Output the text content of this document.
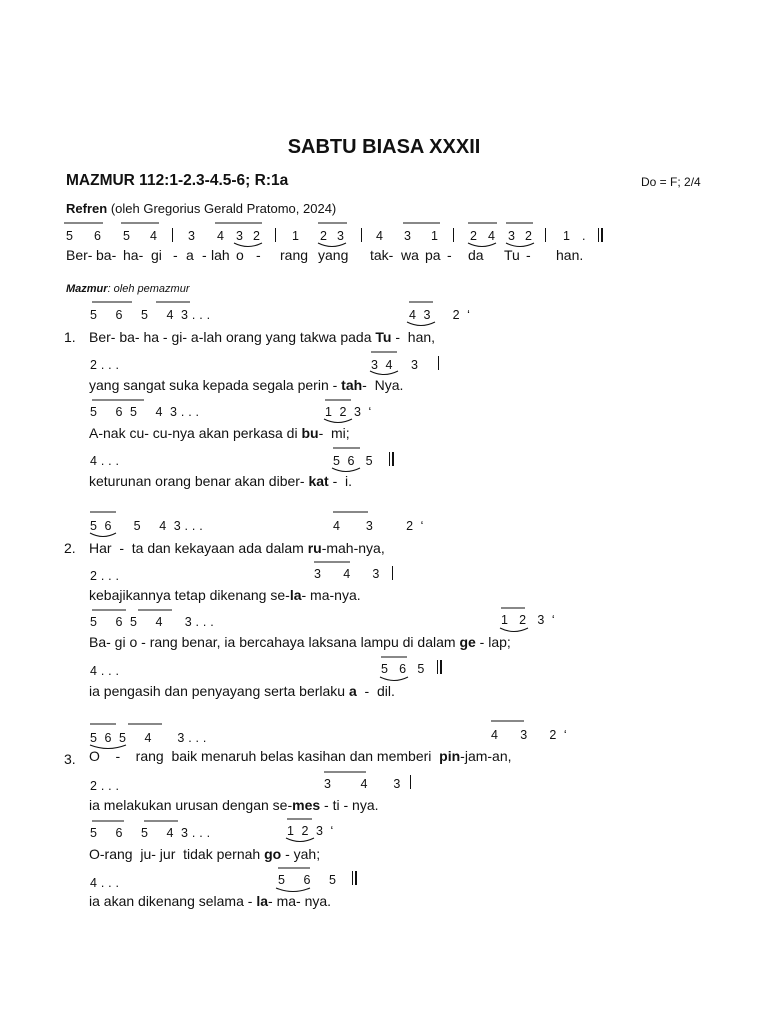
SABTU BIASA XXXII
MAZMUR 112:1-2.3-4.5-6; R:1a	Do = F; 2/4
Refren (oleh Gregorius Gerald Pratomo, 2024)
5 6 5 4 3 4 3 2	1 2 3	4 3 1	2 4 3 2 1 .
Ber- ba- ha- gi - a - lah o - rang yang tak- wa pa - da Tu - han.
Mazmur: oleh pemazmur
5     6     5     4  3 . . .	4  3      2  ‘
1. Ber- ba- ha - gi- a-lah orang yang takwa pada Tu -  han,
2 . . .	3  4     3
yang sangat suka kepada segala perin - tah-  Nya.
5     6  5     4  3 . . .	1  2  3  ‘
A-nak cu- cu-nya akan perkasa di bu-  mi;
4 . . .	5  6   5
keturunan orang benar akan diber- kat -  i.
5  6      5     4  3 . . .	4       3         2  ‘
2. Har  -  ta dan kekayaan ada dalam ru-mah-nya,
2 . . .	3      4      3
kebajikannya tetap dikenang se-la- ma-nya.
5     6  5     4      3 . . .	1   2   3  ‘
Ba- gi o - rang benar, ia bercahaya laksana lampu di dalam ge - lap;
4 . . .	5   6   5
ia pengasih dan penyayang serta berlaku a  -  dil.
5  6  5     4       3 . . .	4      3      2  ‘
3. O    -    rang  baik menaruh belas kasihan dan memberi  pin-jam-an,
2 . . .	3        4       3
ia melakukan urusan dengan se-mes - ti - nya.
5     6     5     4  3 . . .	1  2  3  ‘
O-rang  ju- jur  tidak pernah go - yah;
4 . . .	5     6     5
ia akan dikenang selama - la- ma- nya.
